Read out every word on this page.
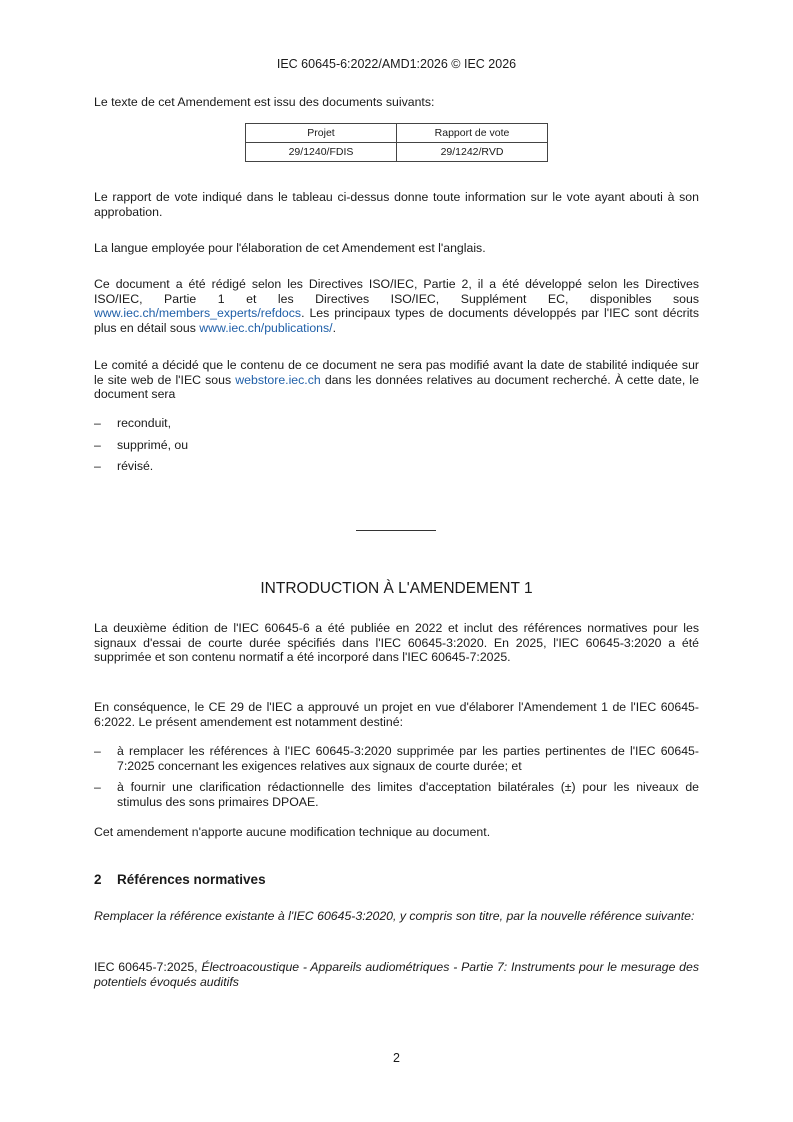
IEC 60645-6:2022/AMD1:2026 © IEC 2026

Le texte de cet Amendement est issu des documents suivants:

Projet	Rapport de vote
29/1240/FDIS	29/1242/RVD

Le rapport de vote indiqué dans le tableau ci-dessus donne toute information sur le vote ayant abouti à son approbation.

La langue employée pour l'élaboration de cet Amendement est l'anglais.

Ce document a été rédigé selon les Directives ISO/IEC, Partie 2, il a été développé selon les Directives ISO/IEC, Partie 1 et les Directives ISO/IEC, Supplément EC, disponibles sous www.iec.ch/members_experts/refdocs. Les principaux types de documents développés par l'IEC sont décrits plus en détail sous www.iec.ch/publications/.

Le comité a décidé que le contenu de ce document ne sera pas modifié avant la date de stabilité indiquée sur le site web de l'IEC sous webstore.iec.ch dans les données relatives au document recherché. À cette date, le document sera

– reconduit,
– supprimé, ou
– révisé.
INTRODUCTION À L'AMENDEMENT 1

La deuxième édition de l'IEC 60645-6 a été publiée en 2022 et inclut des références normatives pour les signaux d'essai de courte durée spécifiés dans l'IEC 60645-3:2020. En 2025, l'IEC 60645-3:2020 a été supprimée et son contenu normatif a été incorporé dans l'IEC 60645-7:2025.

En conséquence, le CE 29 de l'IEC a approuvé un projet en vue d'élaborer l'Amendement 1 de l'IEC 60645-6:2022. Le présent amendement est notamment destiné:

– à remplacer les références à l'IEC 60645-3:2020 supprimée par les parties pertinentes de l'IEC 60645-7:2025 concernant les exigences relatives aux signaux de courte durée; et
– à fournir une clarification rédactionnelle des limites d'acceptation bilatérales (±) pour les niveaux de stimulus des sons primaires DPOAE.

Cet amendement n'apporte aucune modification technique au document.

2 Références normatives

Remplacer la référence existante à l'IEC 60645-3:2020, y compris son titre, par la nouvelle référence suivante:

IEC 60645-7:2025, Électroacoustique - Appareils audiométriques - Partie 7: Instruments pour le mesurage des potentiels évoqués auditifs

2
